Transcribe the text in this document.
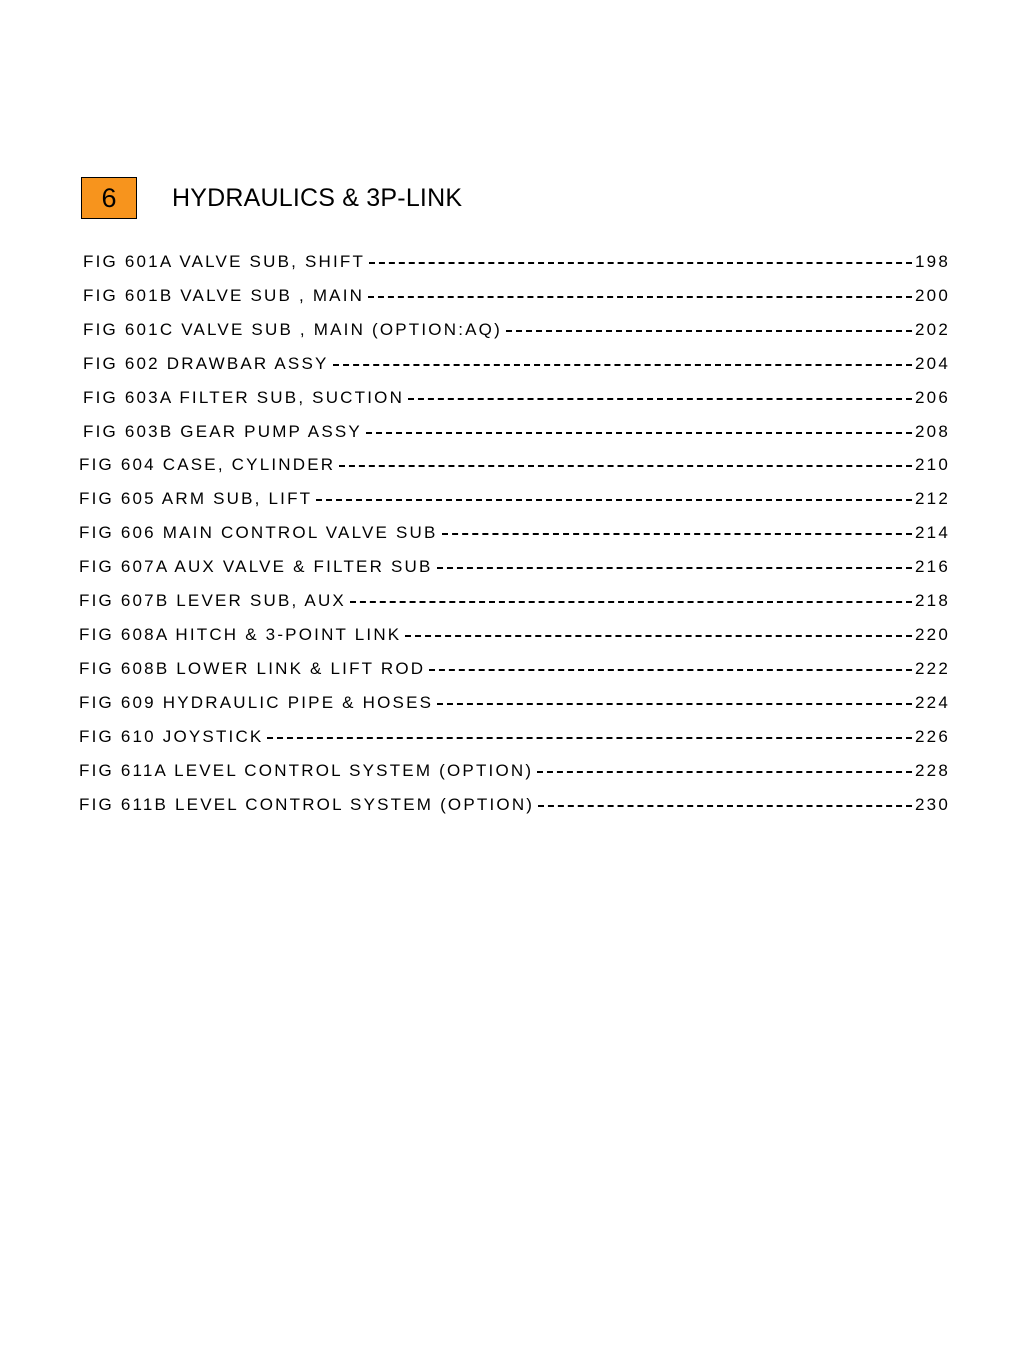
6	HYDRAULICS & 3P-LINK
FIG 601A VALVE SUB, SHIFT	198
FIG 601B VALVE SUB , MAIN	200
FIG 601C VALVE SUB , MAIN (OPTION:AQ)	202
FIG 602 DRAWBAR ASSY	204
FIG 603A FILTER SUB, SUCTION	206
FIG 603B GEAR PUMP ASSY	208
FIG 604 CASE, CYLINDER	210
FIG 605 ARM SUB, LIFT	212
FIG 606 MAIN CONTROL VALVE SUB	214
FIG 607A AUX VALVE & FILTER SUB	216
FIG 607B LEVER SUB, AUX	218
FIG 608A HITCH & 3-POINT LINK	220
FIG 608B LOWER LINK & LIFT ROD	222
FIG 609 HYDRAULIC PIPE & HOSES	224
FIG 610 JOYSTICK	226
FIG 611A LEVEL CONTROL SYSTEM (OPTION)	228
FIG 611B LEVEL CONTROL SYSTEM (OPTION)	230
